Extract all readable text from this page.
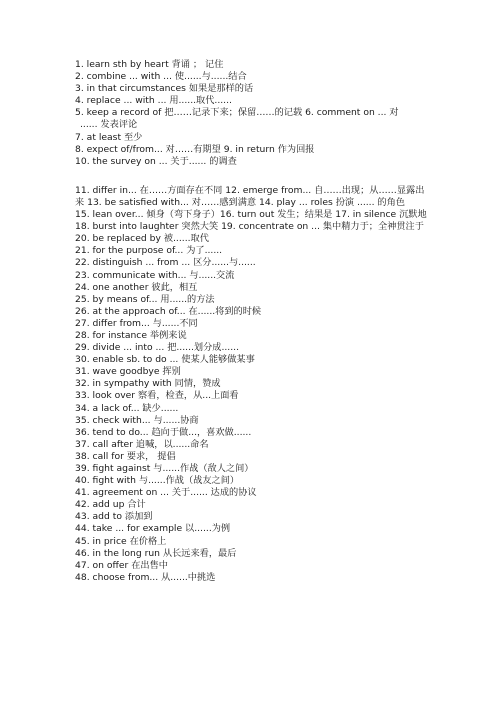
1. learn sth by heart 背诵 ； 记住
2. combine ... with ... 使......与......结合
3. in that circumstances 如果是那样的话
4. replace ... with ... 用......取代......
5. keep a record of 把……记录下来；保留……的记载 6. comment on ... 对
...... 发表评论
7. at least 至少
8. expect of/from... 对……有期望 9. in return 作为回报
10. the survey on ... 关于...... 的调查
11. differ in... 在……方面存在不同 12. emerge from... 自……出现；从……显露出来 13. be satisfied with... 对……感到满意 14. play ... roles 扮演 ...... 的角色
15. lean over... 倾身（弯下身子）16. turn out 发生；结果是 17. in silence 沉默地 18. burst into laughter 突然大笑 19. concentrate on ... 集中精力于；全神贯注于 20. be replaced by 被......取代
21. for the purpose of... 为了......
22. distinguish ... from ... 区分......与......
23. communicate with... 与......交流
24. one another 彼此，相互
25. by means of... 用......的方法
26. at the approach of... 在......将到的时候
27. differ from... 与......不同
28. for instance 举例来说
29. divide ... into ... 把......划分成......
30. enable sb. to do ... 使某人能够做某事
31. wave goodbye 挥别
32. in sympathy with 同情，赞成
33. look over 察看，检查，从...上面看
34. a lack of... 缺少......
35. check with... 与......协商
36. tend to do... 趋向于做...，喜欢做......
37. call after 追喊，以......命名
38. call for 要求， 提倡
39. fight against 与......作战（敌人之间）
40. fight with 与......作战（战友之间）
41. agreement on ... 关于...... 达成的协议
42. add up 合计
43. add to 添加到
44. take ... for example 以......为例
45. in price 在价格上
46. in the long run 从长远来看，最后
47. on offer 在出售中
48. choose from... 从......中挑选
